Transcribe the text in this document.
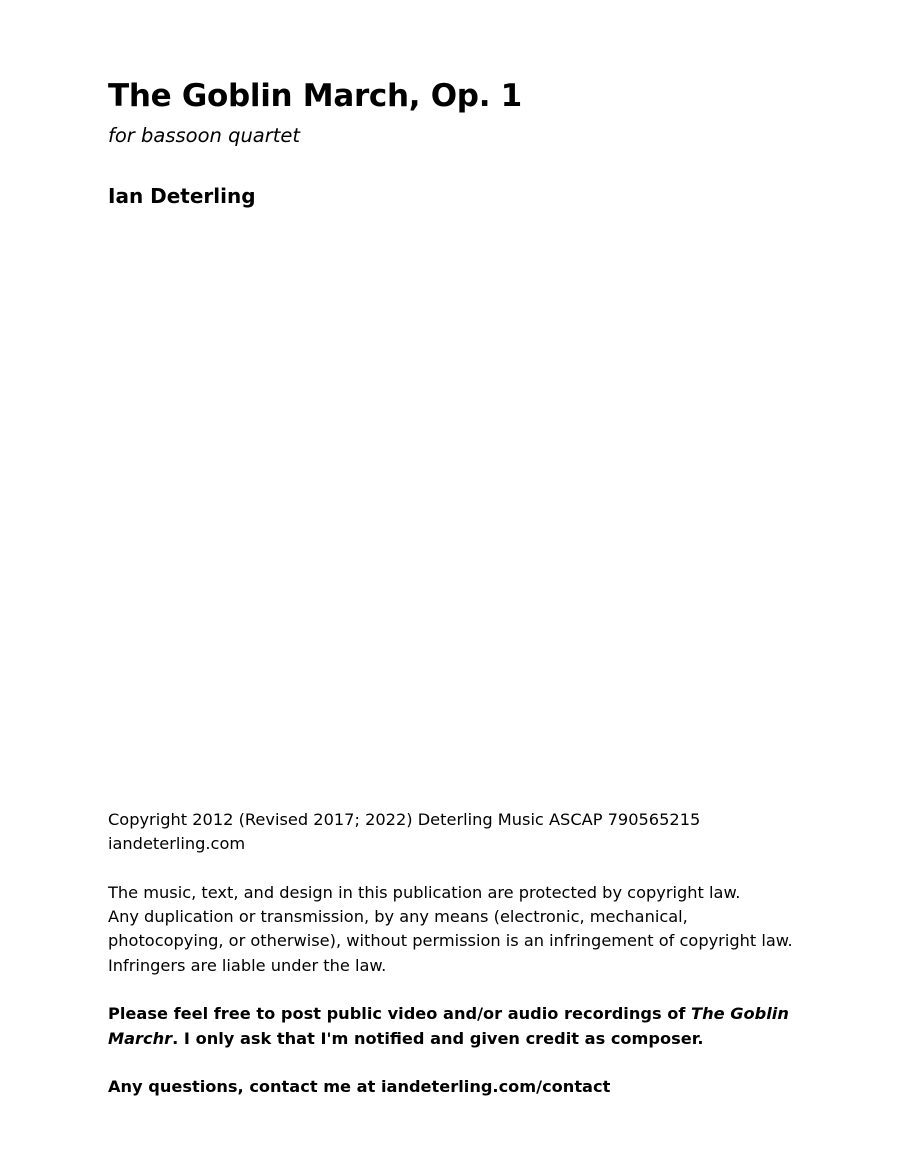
The Goblin March, Op. 1
for bassoon quartet
Ian Deterling

Copyright 2012 (Revised 2017; 2022) Deterling Music ASCAP 790565215
iandeterling.com

The music, text, and design in this publication are protected by copyright law.
Any duplication or transmission, by any means (electronic, mechanical,
photocopying, or otherwise), without permission is an infringement of copyright law.
Infringers are liable under the law.

Please feel free to post public video and/or audio recordings of The Goblin
Marchr. I only ask that I'm notified and given credit as composer.

Any questions, contact me at iandeterling.com/contact
